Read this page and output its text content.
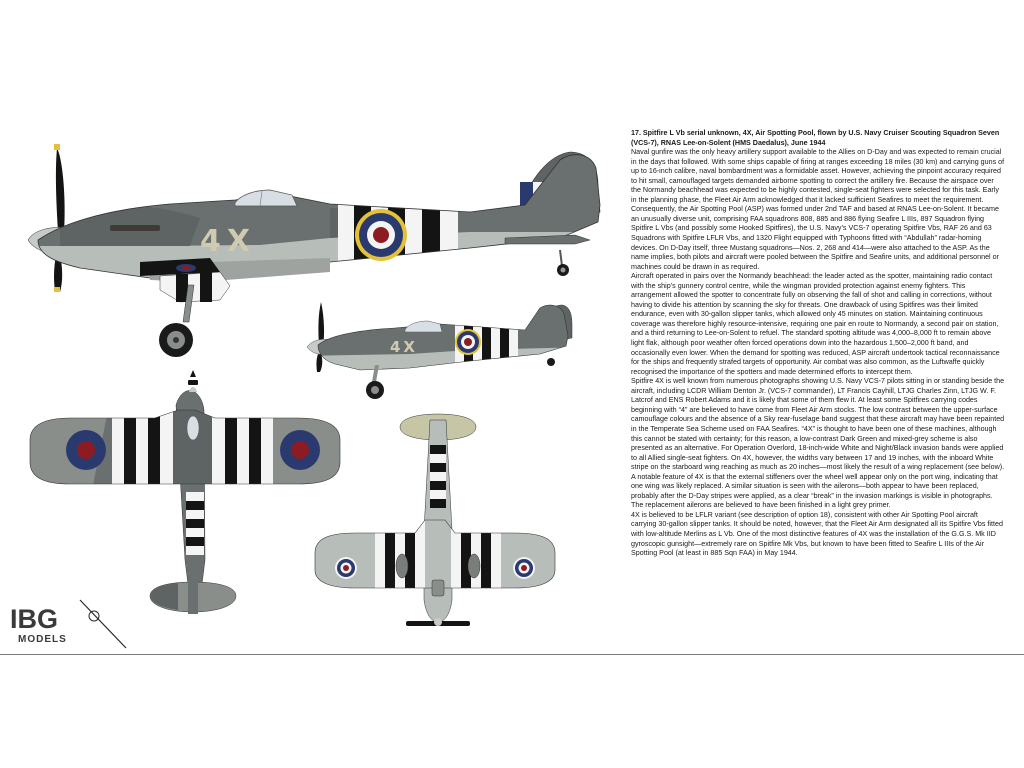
4X
4X
IBG
MODELS

17. Spitfire L Vb serial unknown, 4X, Air Spotting Pool, flown by U.S. Navy Cruiser Scouting Squadron Seven (VCS-7), RNAS Lee-on-Solent (HMS Daedalus), June 1944

Naval gunfire was the only heavy artillery support available to the Allies on D-Day and was expected to remain crucial in the days that followed. With some ships capable of firing at ranges exceeding 18 miles (30 km) and carrying guns of up to 16-inch calibre, naval bombardment was a formidable asset. However, achieving the pinpoint accuracy required to hit small, camouflaged targets demanded airborne spotting to correct the artillery fire. Because the airspace over the Normandy beachhead was expected to be highly contested, single-seat fighters were selected for this task. Early in the planning phase, the Fleet Air Arm acknowledged that it lacked sufficient Seafires to meet the requirement. Consequently, the Air Spotting Pool (ASP) was formed under 2nd TAF and based at RNAS Lee-on-Solent. It became an unusually diverse unit, comprising FAA squadrons 808, 885 and 886 flying Seafire L IIIs, 897 Squadron flying Spitfire L Vbs (and possibly some Hooked Spitfires), the U.S. Navy’s VCS-7 operating Spitfire Vbs, RAF 26 and 63 Squadrons with Spitfire LFLR Vbs, and 1320 Flight equipped with Typhoons fitted with “Abdullah” radar-homing devices. On D-Day itself, three Mustang squadrons—Nos. 2, 268 and 414—were also attached to the ASP. As the name implies, both pilots and aircraft were pooled between the Spitfire and Seafire units, and additional personnel or machines could be drawn in as required.

Aircraft operated in pairs over the Normandy beachhead: the leader acted as the spotter, maintaining radio contact with the ship’s gunnery control centre, while the wingman provided protection against enemy fighters. This arrangement allowed the spotter to concentrate fully on observing the fall of shot and calling in corrections, without having to divide his attention by scanning the sky for threats. One drawback of using Spitfires was their limited endurance, even with 30-gallon slipper tanks, which allowed only 45 minutes on station. Maintaining continuous coverage was therefore highly resource-intensive, requiring one pair en route to Normandy, a second pair on station, and a third returning to Lee-on-Solent to refuel. The standard spotting altitude was 4,000–8,000 ft to remain above light flak, although poor weather often forced operations down into the hazardous 1,500–2,000 ft band, and occasionally even lower. When the demand for spotting was reduced, ASP aircraft undertook tactical reconnaissance for the ships and frequently strafed targets of opportunity. Air combat was also common, as the Luftwaffe quickly recognised the importance of the spotters and made determined efforts to intercept them.

Spitfire 4X is well known from numerous photographs showing U.S. Navy VCS-7 pilots sitting in or standing beside the aircraft, including LCDR William Denton Jr. (VCS-7 commander), LT Francis Cayhill, LTJG Charles Zinn, LTJG W. F. Latcrof and ENS Robert Adams and it is likely that some of them flew it. At least some Spitfires carrying codes beginning with “4” are believed to have come from Fleet Air Arm stocks. The low contrast between the upper-surface camouflage colours and the absence of a Sky rear-fuselage band suggest that these aircraft may have been repainted in the Temperate Sea Scheme used on FAA Seafires. “4X” is thought to have been one of these machines, although this cannot be stated with certainty; for this reason, a low-contrast Dark Green and mixed-grey scheme is also presented as an alternative. For Operation Overlord, 18-inch-wide White and Night/Black invasion bands were applied to all Allied single-seat fighters. On 4X, however, the widths vary between 17 and 19 inches, with the inboard White stripe on the starboard wing reaching as much as 20 inches—most likely the result of a wing replacement (see below).

A notable feature of 4X is that the external stiffeners over the wheel well appear only on the port wing, indicating that one wing was likely replaced. A similar situation is seen with the ailerons—both appear to have been replaced, probably after the D-Day stripes were applied, as a clear “break” in the invasion markings is visible in photographs. The replacement ailerons are believed to have been finished in a light grey primer.

4X is believed to be LFLR variant (see description of option 18), consistent with other Air Spotting Pool aircraft carrying 30-gallon slipper tanks. It should be noted, however, that the Fleet Air Arm designated all its Spitfire Vbs fitted with low-altitude Merlins as L Vb. One of the most distinctive features of 4X was the installation of the G.G.S. Mk IID gyroscopic gunsight—extremely rare on Spitfire Mk Vbs, but known to have been fitted to Seafire L IIIs of the Air Spotting Pool (at least in 885 Sqn FAA) in May 1944.
